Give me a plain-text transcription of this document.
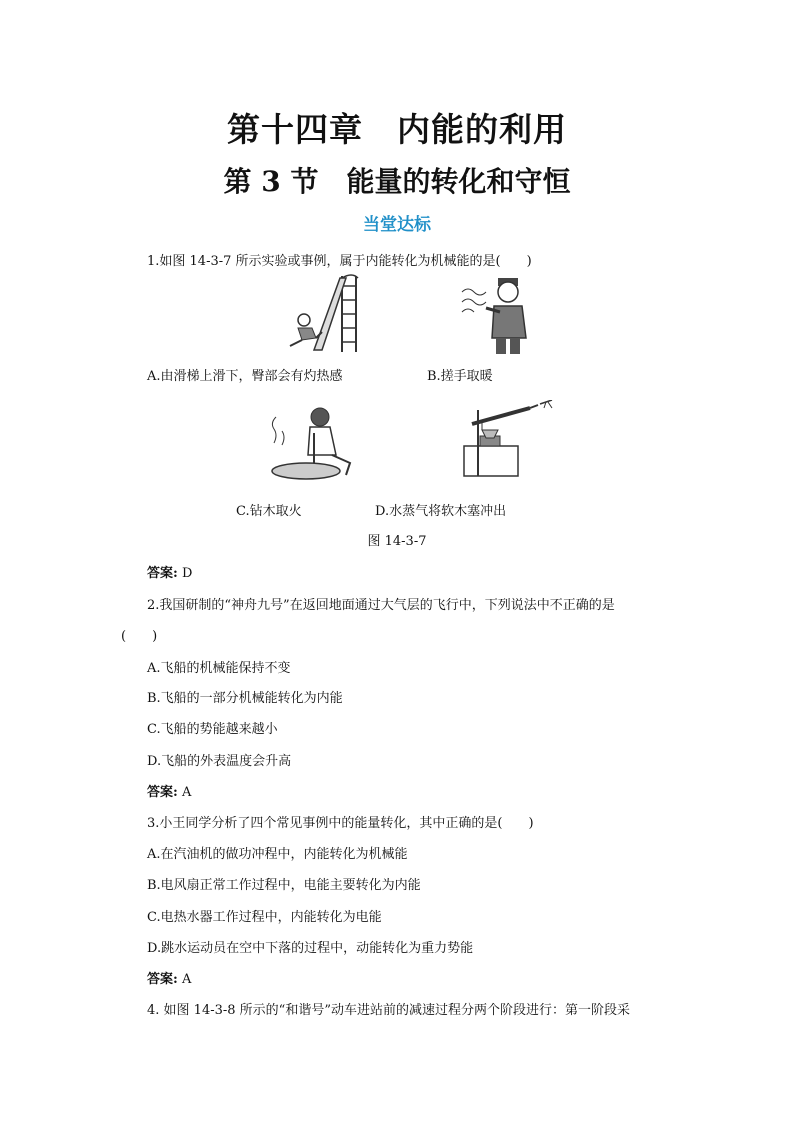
第十四章　内能的利用
第 3 节　能量的转化和守恒
当堂达标
1.如图 14-3-7 所示实验或事例，属于内能转化为机械能的是(　　)
A.由滑梯上滑下，臀部会有灼热感	B.搓手取暖
C.钻木取火	D.水蒸气将软木塞冲出
图 14-3-7
答案: D
2.我国研制的“神舟九号”在返回地面通过大气层的飞行中，下列说法中不正确的是
(　　)
A.飞船的机械能保持不变
B.飞船的一部分机械能转化为内能
C.飞船的势能越来越小
D.飞船的外表温度会升高
答案: A
3.小王同学分析了四个常见事例中的能量转化，其中正确的是(　　)
A.在汽油机的做功冲程中，内能转化为机械能
B.电风扇正常工作过程中，电能主要转化为内能
C.电热水器工作过程中，内能转化为电能
D.跳水运动员在空中下落的过程中，动能转化为重力势能
答案: A
4. 如图 14-3-8 所示的“和谐号”动车进站前的减速过程分两个阶段进行：第一阶段采
